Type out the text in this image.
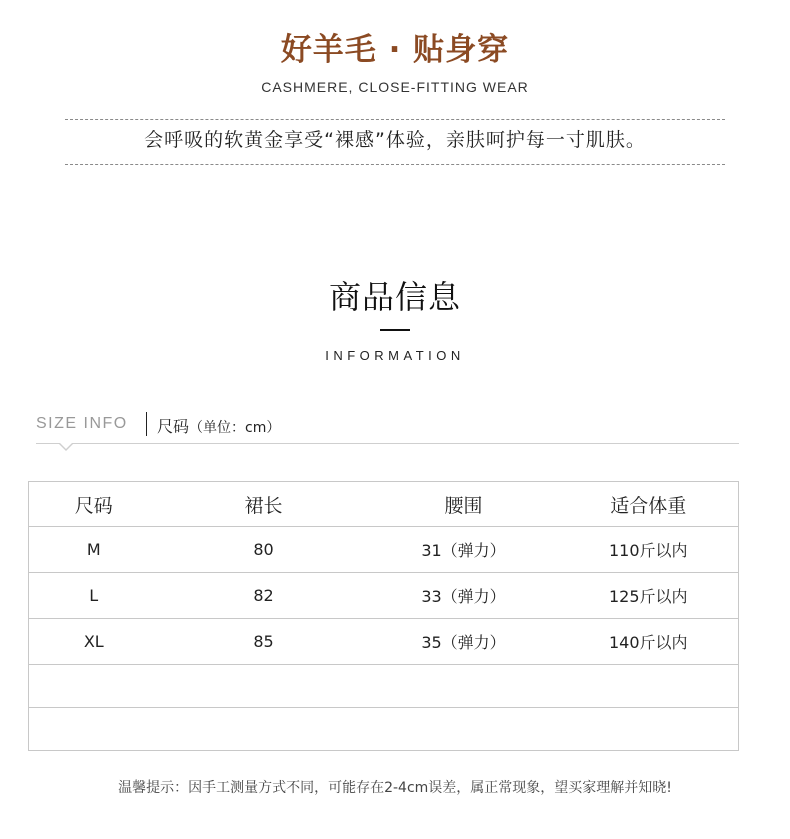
好羊毛 · 贴身穿
CASHMERE, CLOSE-FITTING WEAR
会呼吸的软黄金享受“裸感”体验，亲肤呵护每一寸肌肤。
商品信息
INFORMATION
SIZE INFO 尺码（单位：cm）
尺码	裙长	腰围	适合体重
M	80	31（弹力）	110斤以内
L	82	33（弹力）	125斤以内
XL	85	35（弹力）	140斤以内

温馨提示：因手工测量方式不同，可能存在2-4cm误差，属正常现象，望买家理解并知晓!
